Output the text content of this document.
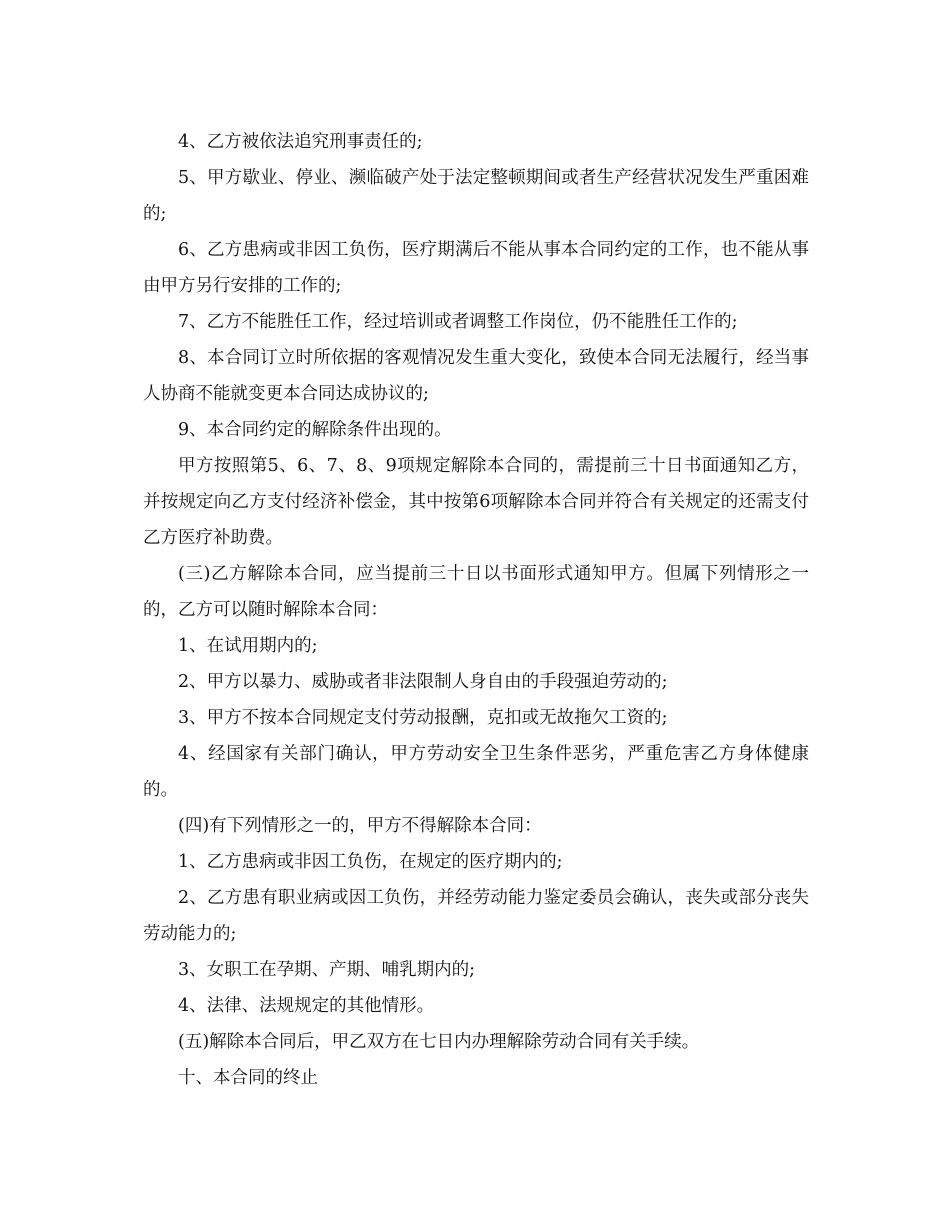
4、乙方被依法追究刑事责任的;

5、甲方歇业、停业、濒临破产处于法定整顿期间或者生产经营状况发生严重困难的;

6、乙方患病或非因工负伤，医疗期满后不能从事本合同约定的工作，也不能从事由甲方另行安排的工作的;

7、乙方不能胜任工作，经过培训或者调整工作岗位，仍不能胜任工作的;

8、本合同订立时所依据的客观情况发生重大变化，致使本合同无法履行，经当事人协商不能就变更本合同达成协议的;

9、本合同约定的解除条件出现的。

甲方按照第5、6、7、8、9项规定解除本合同的，需提前三十日书面通知乙方，并按规定向乙方支付经济补偿金，其中按第6项解除本合同并符合有关规定的还需支付乙方医疗补助费。

(三)乙方解除本合同，应当提前三十日以书面形式通知甲方。但属下列情形之一的，乙方可以随时解除本合同：

1、在试用期内的;

2、甲方以暴力、威胁或者非法限制人身自由的手段强迫劳动的;

3、甲方不按本合同规定支付劳动报酬，克扣或无故拖欠工资的;

4、经国家有关部门确认，甲方劳动安全卫生条件恶劣，严重危害乙方身体健康的。

(四)有下列情形之一的，甲方不得解除本合同：

1、乙方患病或非因工负伤，在规定的医疗期内的;

2、乙方患有职业病或因工负伤，并经劳动能力鉴定委员会确认，丧失或部分丧失劳动能力的;

3、女职工在孕期、产期、哺乳期内的;

4、法律、法规规定的其他情形。

(五)解除本合同后，甲乙双方在七日内办理解除劳动合同有关手续。

十、本合同的终止
